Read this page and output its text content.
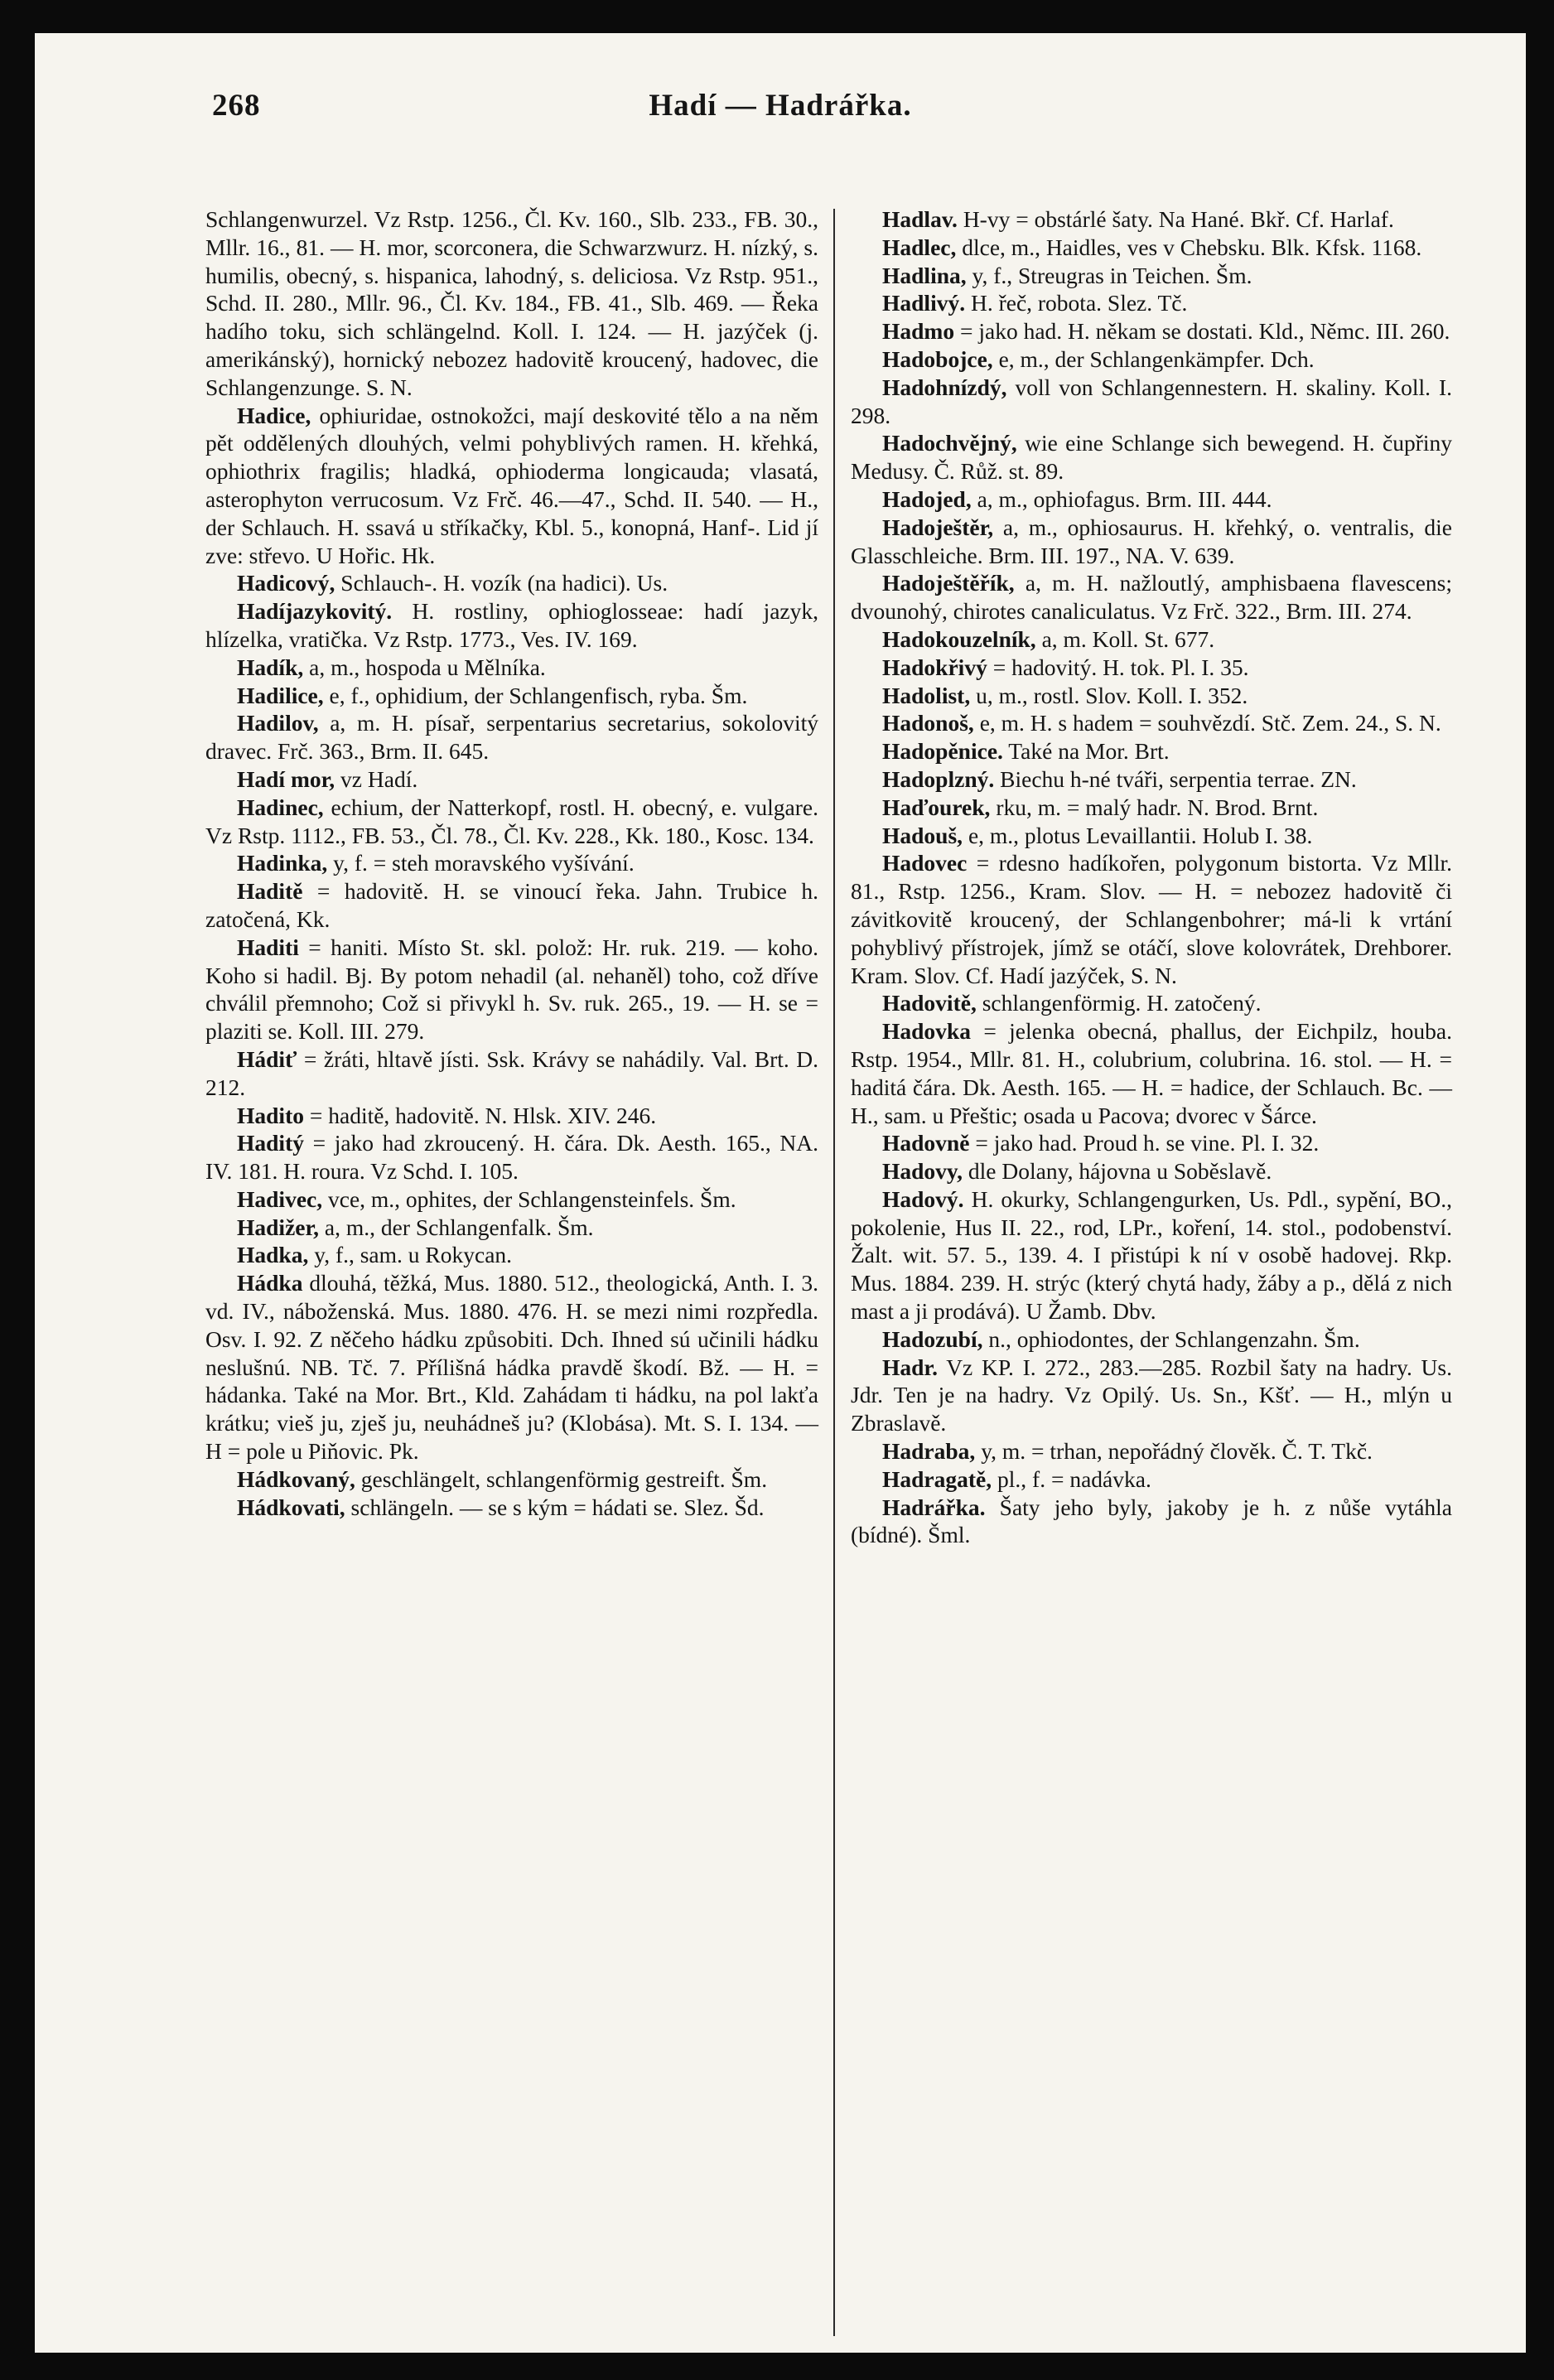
268	Hadí — Hadrářka.

Schlangenwurzel. Vz Rstp. 1256., Čl. Kv. 160., Slb. 233., FB. 30., Mllr. 16., 81. — H. mor, scorconera, die Schwarzwurz. H. nízký, s. humilis, obecný, s. hispanica, lahodný, s. deliciosa. Vz Rstp. 951., Schd. II. 280., Mllr. 96., Čl. Kv. 184., FB. 41., Slb. 469. — Řeka hadího toku, sich schlängelnd. Koll. I. 124. — H. jazýček (j. amerikánský), hornický nebozez hadovitě kroucený, hadovec, die Schlangenzunge. S. N.

Hadice, ophiuridae, ostnokožci, mají deskovité tělo a na něm pět oddělených dlouhých, velmi pohyblivých ramen. H. křehká, ophiothrix fragilis; hladká, ophioderma longicauda; vlasatá, asterophyton verrucosum. Vz Frč. 46.—47., Schd. II. 540. — H., der Schlauch. H. ssavá u stříkačky, Kbl. 5., konopná, Hanf-. Lid jí zve: střevo. U Hořic. Hk.

Hadicový, Schlauch-. H. vozík (na hadici). Us.

Hadíjazykovitý. H. rostliny, ophioglosseae: hadí jazyk, hlízelka, vratička. Vz Rstp. 1773., Ves. IV. 169.

Hadík, a, m., hospoda u Mělníka.

Hadilice, e, f., ophidium, der Schlangenfisch, ryba. Šm.

Hadilov, a, m. H. písař, serpentarius secretarius, sokolovitý dravec. Frč. 363., Brm. II. 645.

Hadí mor, vz Hadí.

Hadinec, echium, der Natterkopf, rostl. H. obecný, e. vulgare. Vz Rstp. 1112., FB. 53., Čl. 78., Čl. Kv. 228., Kk. 180., Kosc. 134.

Hadinka, y, f. = steh moravského vyšívání.

Haditě = hadovitě. H. se vinoucí řeka. Jahn. Trubice h. zatočená, Kk.

Haditi = haniti. Místo St. skl. polož: Hr. ruk. 219. — koho. Koho si hadil. Bj. By potom nehadil (al. nehaněl) toho, což dříve chválil přemnoho; Což si přivykl h. Sv. ruk. 265., 19. — H. se = plaziti se. Koll. III. 279.

Hádiť = žráti, hltavě jísti. Ssk. Krávy se nahádily. Val. Brt. D. 212.

Hadito = haditě, hadovitě. N. Hlsk. XIV. 246.

Haditý = jako had zkroucený. H. čára. Dk. Aesth. 165., NA. IV. 181. H. roura. Vz Schd. I. 105.

Hadivec, vce, m., ophites, der Schlangensteinfels. Šm.

Hadižer, a, m., der Schlangenfalk. Šm.

Hadka, y, f., sam. u Rokycan.

Hádka dlouhá, těžká, Mus. 1880. 512., theologická, Anth. I. 3. vd. IV., náboženská. Mus. 1880. 476. H. se mezi nimi rozpředla. Osv. I. 92. Z něčeho hádku způsobiti. Dch. Ihned sú učinili hádku neslušnú. NB. Tč. 7. Přílišná hádka pravdě škodí. Bž. — H. = hádanka. Také na Mor. Brt., Kld. Zahádam ti hádku, na pol lakťa krátku; vieš ju, zješ ju, neuhádneš ju? (Klobása). Mt. S. I. 134. — H = pole u Piňovic. Pk.

Hádkovaný, geschlängelt, schlangenförmig gestreift. Šm.

Hádkovati, schlängeln. — se s kým = hádati se. Slez. Šd.

Hadlav. H-vy = obstárlé šaty. Na Hané. Bkř. Cf. Harlaf.

Hadlec, dlce, m., Haidles, ves v Chebsku. Blk. Kfsk. 1168.

Hadlina, y, f., Streugras in Teichen. Šm.

Hadlivý. H. řeč, robota. Slez. Tč.

Hadmo = jako had. H. někam se dostati. Kld., Němc. III. 260.

Hadobojce, e, m., der Schlangenkämpfer. Dch.

Hadohnízdý, voll von Schlangennestern. H. skaliny. Koll. I. 298.

Hadochvějný, wie eine Schlange sich bewegend. H. čupřiny Medusy. Č. Růž. st. 89.

Hadojed, a, m., ophiofagus. Brm. III. 444.

Hadoještěr, a, m., ophiosaurus. H. křehký, o. ventralis, die Glasschleiche. Brm. III. 197., NA. V. 639.

Hadoještěřík, a, m. H. nažloutlý, amphisbaena flavescens; dvounohý, chirotes canaliculatus. Vz Frč. 322., Brm. III. 274.

Hadokouzelník, a, m. Koll. St. 677.

Hadokřivý = hadovitý. H. tok. Pl. I. 35.

Hadolist, u, m., rostl. Slov. Koll. I. 352.

Hadonoš, e, m. H. s hadem = souhvězdí. Stč. Zem. 24., S. N.

Hadopěnice. Také na Mor. Brt.

Hadoplzný. Biechu h-né tváři, serpentia terrae. ZN.

Haďourek, rku, m. = malý hadr. N. Brod. Brnt.

Hadouš, e, m., plotus Levaillantii. Holub I. 38.

Hadovec = rdesno hadíkořen, polygonum bistorta. Vz Mllr. 81., Rstp. 1256., Kram. Slov. — H. = nebozez hadovitě či závitkovitě kroucený, der Schlangenbohrer; má-li k vrtání pohyblivý přístrojek, jímž se otáčí, slove kolovrátek, Drehborer. Kram. Slov. Cf. Hadí jazýček, S. N.

Hadovitě, schlangenförmig. H. zatočený.

Hadovka = jelenka obecná, phallus, der Eichpilz, houba. Rstp. 1954., Mllr. 81. H., colubrium, colubrina. 16. stol. — H. = haditá čára. Dk. Aesth. 165. — H. = hadice, der Schlauch. Bc. — H., sam. u Přeštic; osada u Pacova; dvorec v Šárce.

Hadovně = jako had. Proud h. se vine. Pl. I. 32.

Hadovy, dle Dolany, hájovna u Soběslavě.

Hadový. H. okurky, Schlangengurken, Us. Pdl., sypění, BO., pokolenie, Hus II. 22., rod, LPr., koření, 14. stol., podobenství. Žalt. wit. 57. 5., 139. 4. I přistúpi k ní v osobě hadovej. Rkp. Mus. 1884. 239. H. strýc (který chytá hady, žáby a p., dělá z nich mast a ji prodává). U Žamb. Dbv.

Hadozubí, n., ophiodontes, der Schlangenzahn. Šm.

Hadr. Vz KP. I. 272., 283.—285. Rozbil šaty na hadry. Us. Jdr. Ten je na hadry. Vz Opilý. Us. Sn., Kšť. — H., mlýn u Zbraslavě.

Hadraba, y, m. = trhan, nepořádný člověk. Č. T. Tkč.

Hadragatě, pl., f. = nadávka.

Hadrářka. Šaty jeho byly, jakoby je h. z nůše vytáhla (bídné). Šml.
